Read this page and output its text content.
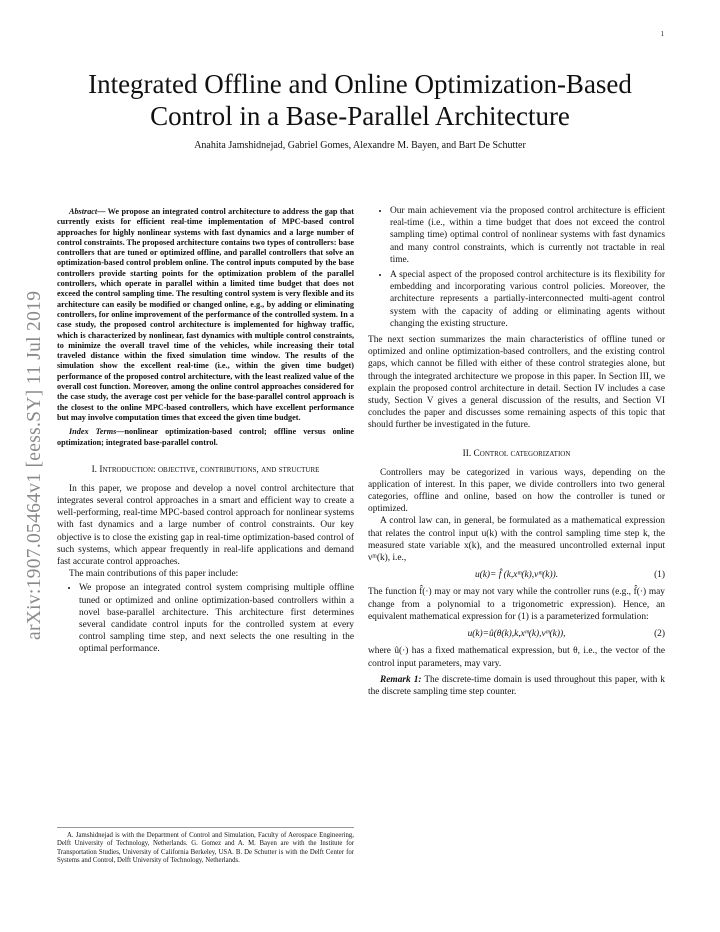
1
arXiv:1907.05464v1 [eess.SY] 11 Jul 2019
Integrated Offline and Online Optimization-Based Control in a Base-Parallel Architecture
Anahita Jamshidnejad, Gabriel Gomes, Alexandre M. Bayen, and Bart De Schutter

Abstract— We propose an integrated control architecture to address the gap that currently exists for efficient real-time implementation of MPC-based control approaches for highly nonlinear systems with fast dynamics and a large number of control constraints. The proposed architecture contains two types of controllers: base controllers that are tuned or optimized offline, and parallel controllers that solve an optimization-based control problem online. The control inputs computed by the base controllers provide starting points for the optimization problem of the parallel controllers, which operate in parallel within a limited time budget that does not exceed the control sampling time. The resulting control system is very flexible and its architecture can easily be modified or changed online, e.g., by adding or eliminating controllers, for online improvement of the performance of the controlled system. In a case study, the proposed control architecture is implemented for highway traffic, which is characterized by nonlinear, fast dynamics with multiple control constraints, to minimize the overall travel time of the vehicles, while increasing their total traveled distance within the fixed simulation time window. The results of the simulation show the excellent real-time (i.e., within the given time budget) performance of the proposed control architecture, with the least realized value of the overall cost function. Moreover, among the online control approaches considered for the case study, the average cost per vehicle for the base-parallel control approach is the closest to the online MPC-based controllers, which have excellent performance but may involve computation times that exceed the given time budget.

Index Terms—nonlinear optimization-based control; offline versus online optimization; integrated base-parallel control.

I. Introduction: objective, contributions, and structure

In this paper, we propose and develop a novel control architecture that integrates several control approaches in a smart and efficient way to create a well-performing, real-time MPC-based control approach for nonlinear systems with fast dynamics and a large number of control constraints. Our key objective is to close the existing gap in real-time optimization-based control of such systems, which appear frequently in real-life applications and demand fast accurate control approaches.

The main contributions of this paper include:

• We propose an integrated control system comprising multiple offline tuned or optimized and online optimization-based controllers within a novel base-parallel architecture. This architecture first determines several candidate control inputs for the controlled system at every control sampling time step, and next selects the one resulting in the optimal performance.
• Our main achievement via the proposed control architecture is efficient real-time (i.e., within a time budget that does not exceed the control sampling time) optimal control of nonlinear systems with fast dynamics and many control constraints, which is currently not tractable in real time.
• A special aspect of the proposed control architecture is its flexibility for embedding and incorporating various control policies. Moreover, the architecture represents a partially-interconnected multi-agent control system with the capacity of adding or eliminating agents without changing the existing structure.

The next section summarizes the main characteristics of offline tuned or optimized and online optimization-based controllers, and the existing control gaps, which cannot be filled with either of these control strategies alone, but through the integrated architecture we propose in this paper. In Section III, we explain the proposed control architecture in detail. Section IV includes a case study, Section V gives a general discussion of the results, and Section VI concludes the paper and discusses some remaining aspects of this topic that should further be investigated in the future.

II. Control categorization

Controllers may be categorized in various ways, depending on the application of interest. In this paper, we divide controllers into two general categories, offline and online, based on how the controller is tuned or optimized.

A control law can, in general, be formulated as a mathematical expression that relates the control input u(k) with the control sampling time step k, the measured state variable x(k), and the measured uncontrolled external input νᵐ(k), i.e.,

u(k)= f̂ (k,xᵐ(k),νᵐ(k)).	(1)

The function f̂(·) may or may not vary while the controller runs (e.g., f̂(·) may change from a polynomial to a trigonometric expression). Hence, an equivalent mathematical expression for (1) is a parameterized formulation:

u(k)=û(θ(k),k,xᵐ(k),νᵐ(k)),	(2)

where û(·) has a fixed mathematical expression, but θ, i.e., the vector of the control input parameters, may vary.

Remark 1: The discrete-time domain is used throughout this paper, with k the discrete sampling time step counter.

A. Jamshidnejad is with the Department of Control and Simulation, Faculty of Aerospace Engineering, Delft University of Technology, Netherlands. G. Gomez and A. M. Bayen are with the Institute for Transportation Studies, University of California Berkeley, USA. B. De Schutter is with the Delft Center for Systems and Control, Delft University of Technology, Netherlands.
